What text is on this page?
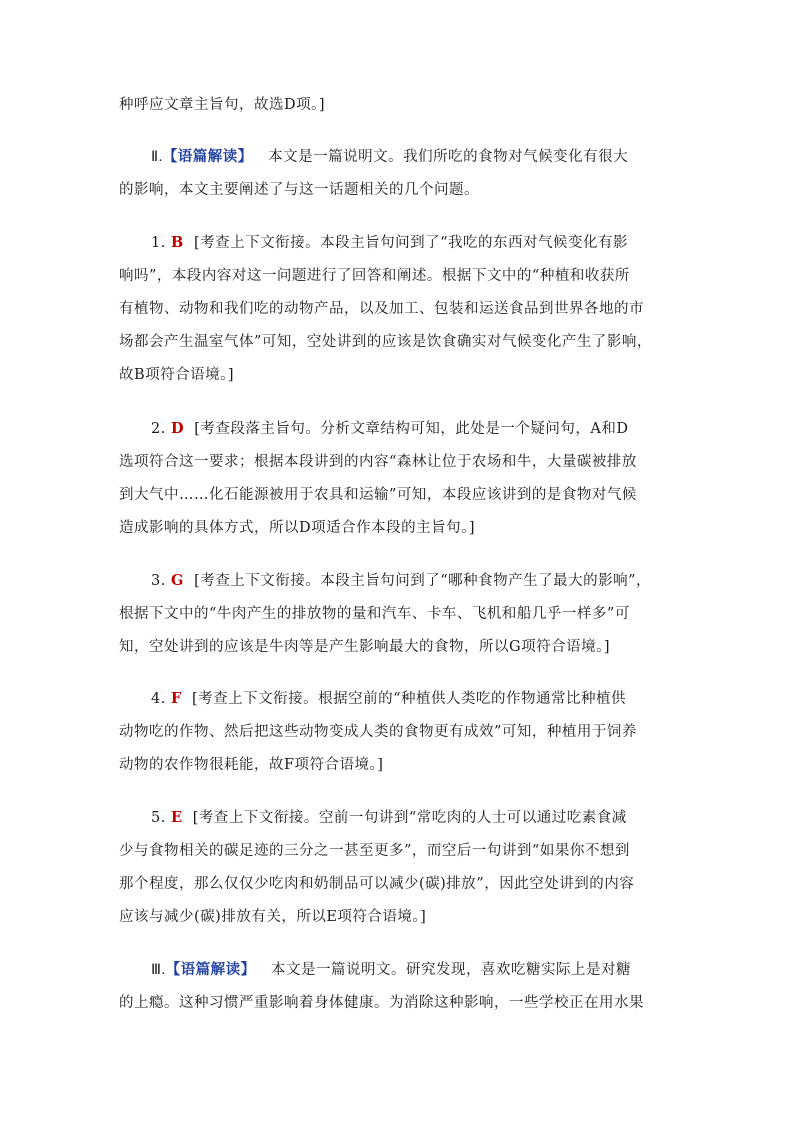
种呼应文章主旨句，故选D项。]

Ⅱ.【语篇解读】 本文是一篇说明文。我们所吃的食物对气候变化有很大
的影响，本文主要阐述了与这一话题相关的几个问题。

1. B [考查上下文衔接。本段主旨句问到了“我吃的东西对气候变化有影
响吗”，本段内容对这一问题进行了回答和阐述。根据下文中的“种植和收获所
有植物、动物和我们吃的动物产品，以及加工、包装和运送食品到世界各地的市
场都会产生温室气体”可知，空处讲到的应该是饮食确实对气候变化产生了影响，
故B项符合语境。]

2. D [考查段落主旨句。分析文章结构可知，此处是一个疑问句，A和D
选项符合这一要求；根据本段讲到的内容“森林让位于农场和牛，大量碳被排放
到大气中……化石能源被用于农具和运输”可知，本段应该讲到的是食物对气候
造成影响的具体方式，所以D项适合作本段的主旨句。]

3. G [考查上下文衔接。本段主旨句问到了“哪种食物产生了最大的影响”，
根据下文中的“牛肉产生的排放物的量和汽车、卡车、飞机和船几乎一样多”可
知，空处讲到的应该是牛肉等是产生影响最大的食物，所以G项符合语境。]

4. F [考查上下文衔接。根据空前的“种植供人类吃的作物通常比种植供
动物吃的作物、然后把这些动物变成人类的食物更有成效”可知，种植用于饲养
动物的农作物很耗能，故F项符合语境。]

5. E [考查上下文衔接。空前一句讲到“常吃肉的人士可以通过吃素食减
少与食物相关的碳足迹的三分之一甚至更多”，而空后一句讲到“如果你不想到
那个程度，那么仅仅少吃肉和奶制品可以减少(碳)排放”，因此空处讲到的内容
应该与减少(碳)排放有关，所以E项符合语境。]

Ⅲ.【语篇解读】 本文是一篇说明文。研究发现，喜欢吃糖实际上是对糖
的上瘾。这种习惯严重影响着身体健康。为消除这种影响，一些学校正在用水果
